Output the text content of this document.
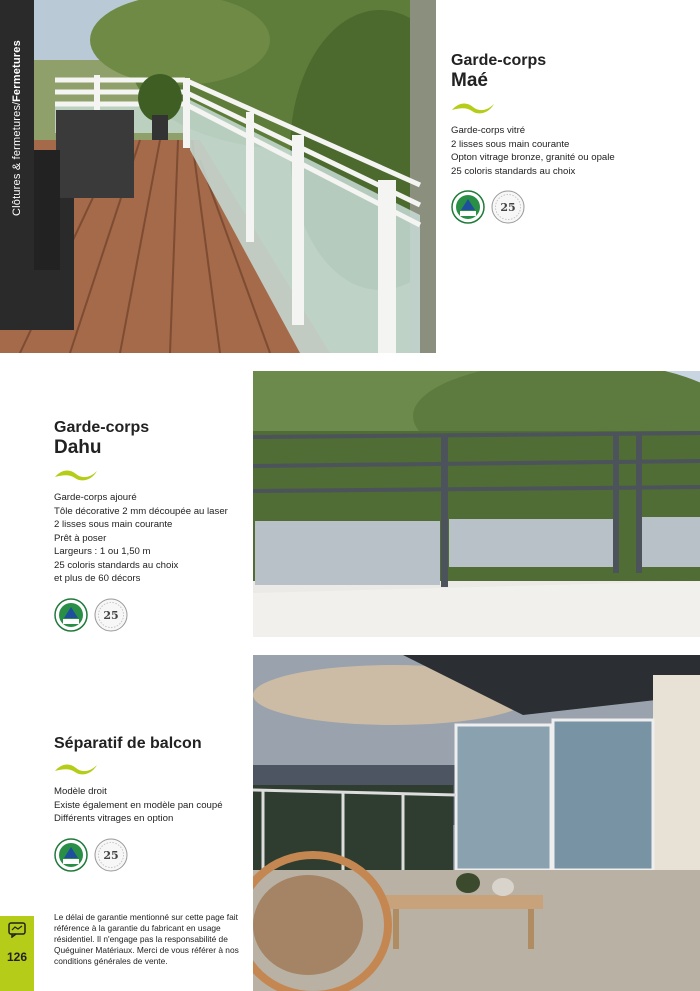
Clôtures & fermetures
/
Fermetures	Garde-corps
Maé
Garde-corps vitré
2 lisses sous main courante
Opton vitrage bronze, granité ou opale
25 coloris standards au choix
25
Garde-corps
Dahu
Garde-corps ajouré
Tôle décorative 2 mm découpée au laser
2 lisses sous main courante
Prêt à poser
Largeurs : 1 ou 1,50 m
25 coloris standards au choix
et plus de 60 décors
25
Séparatif de balcon
Modèle droit
Existe également en modèle pan coupé
Différents vitrages en option
25
126
Le délai de garantie mentionné sur cette page fait référence à la garantie du fabricant en usage résidentiel. Il n'engage pas la responsabilité de Quéguiner Matériaux. Merci de vous référer à nos conditions générales de vente.
